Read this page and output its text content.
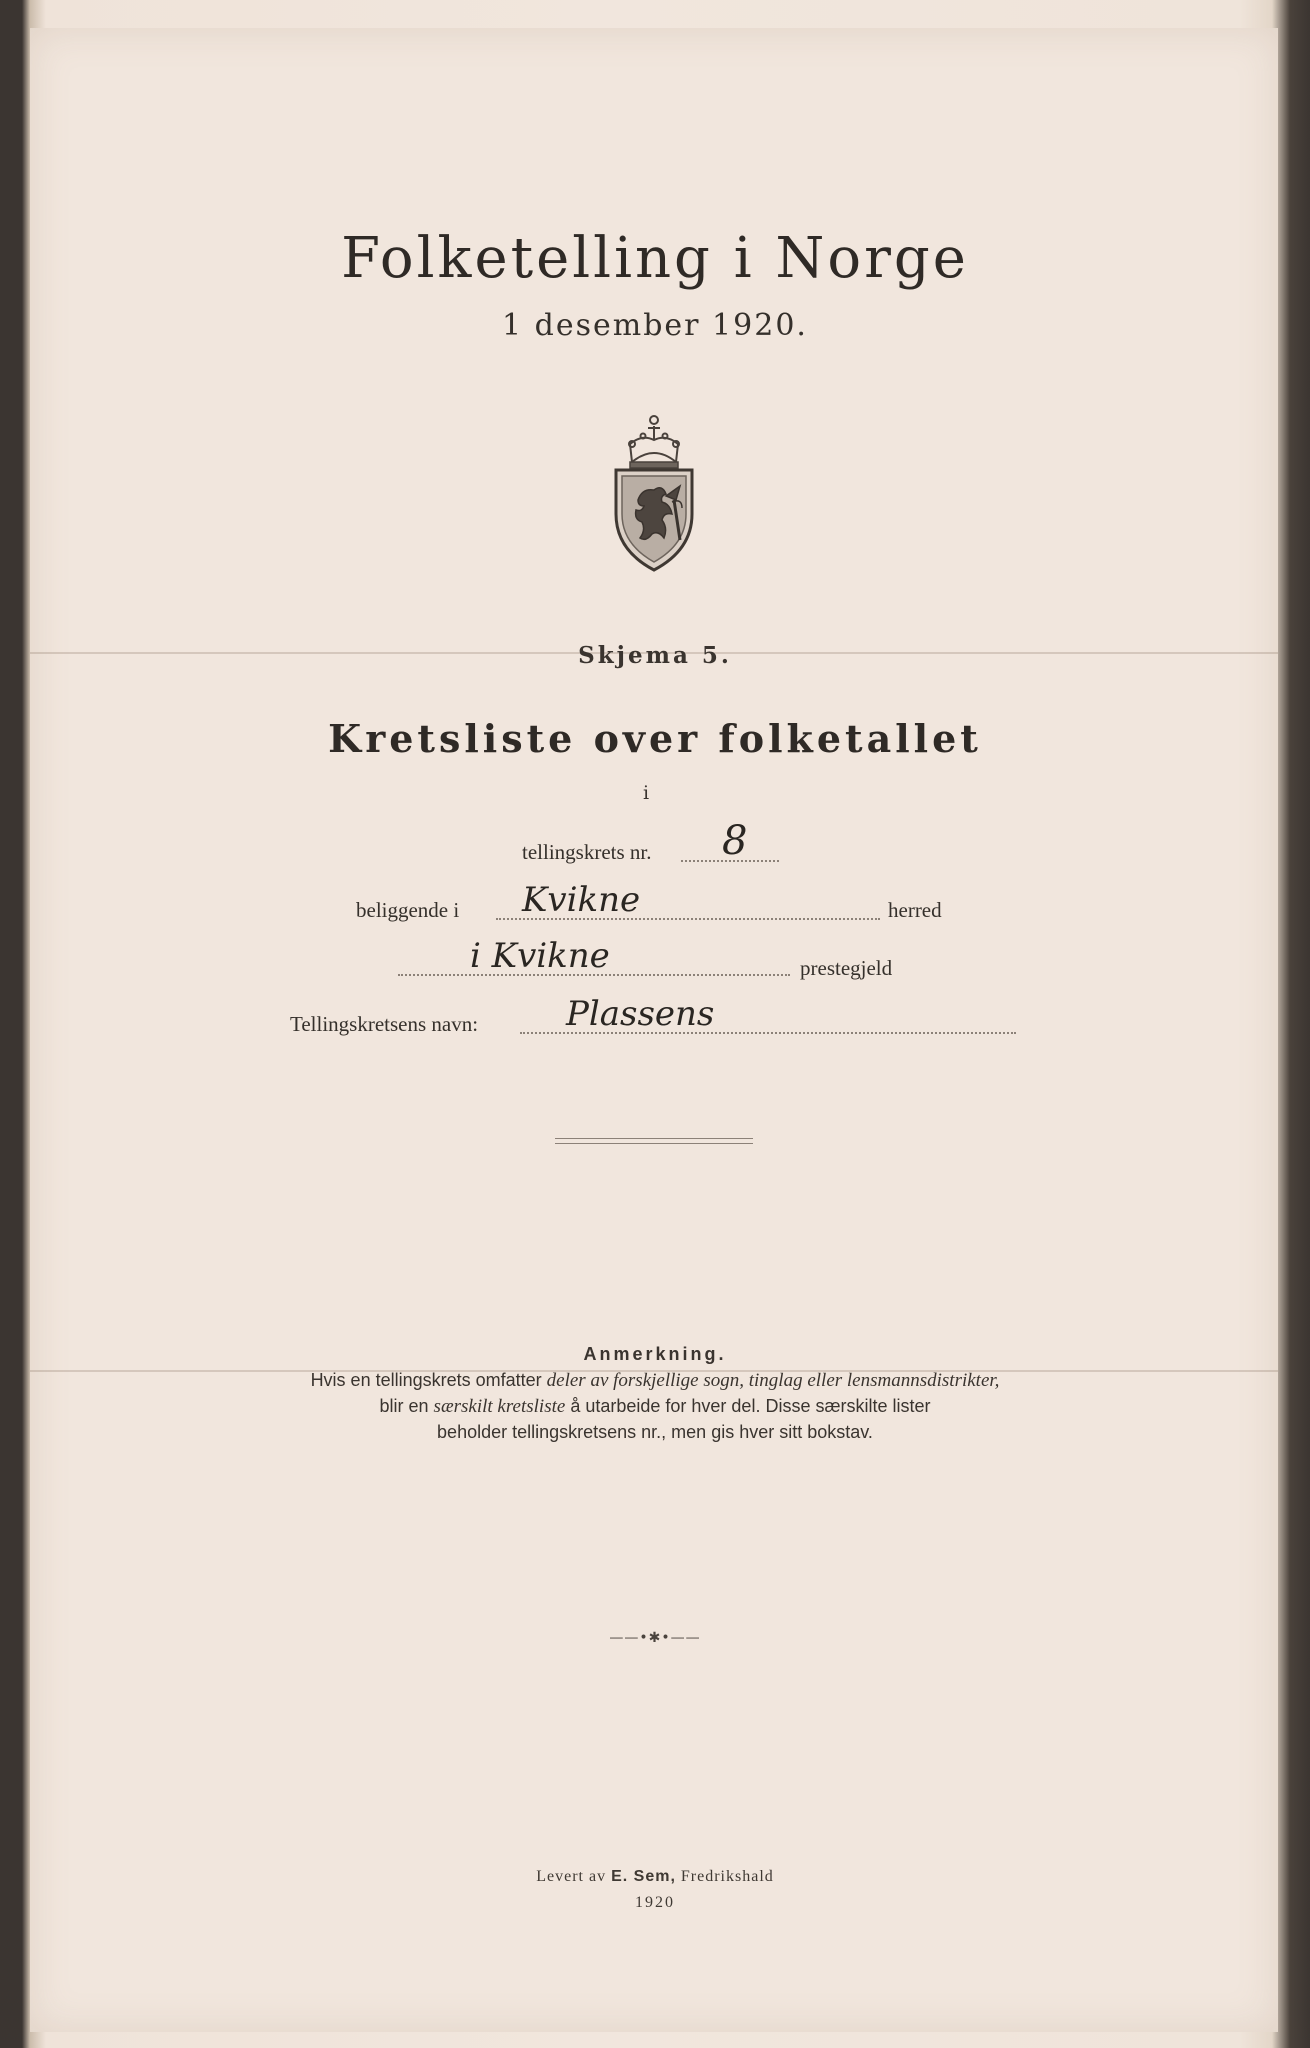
Folketelling i Norge
1 desember 1920.
Skjema 5.
Kretsliste over folketallet
i
tellingskrets nr. 8
beliggende i Kvikne	herred
i Kvikne	prestegjeld
Tellingskretsens navn:	Plassens
Anmerkning.
Hvis en tellingskrets omfatter deler av forskjellige sogn, tinglag eller lensmannsdistrikter,
blir en særskilt kretsliste å utarbeide for hver del. Disse særskilte lister
beholder tellingskretsens nr., men gis hver sitt bokstav.
——•✱•——
Levert av E. Sem, Fredrikshald
1920
